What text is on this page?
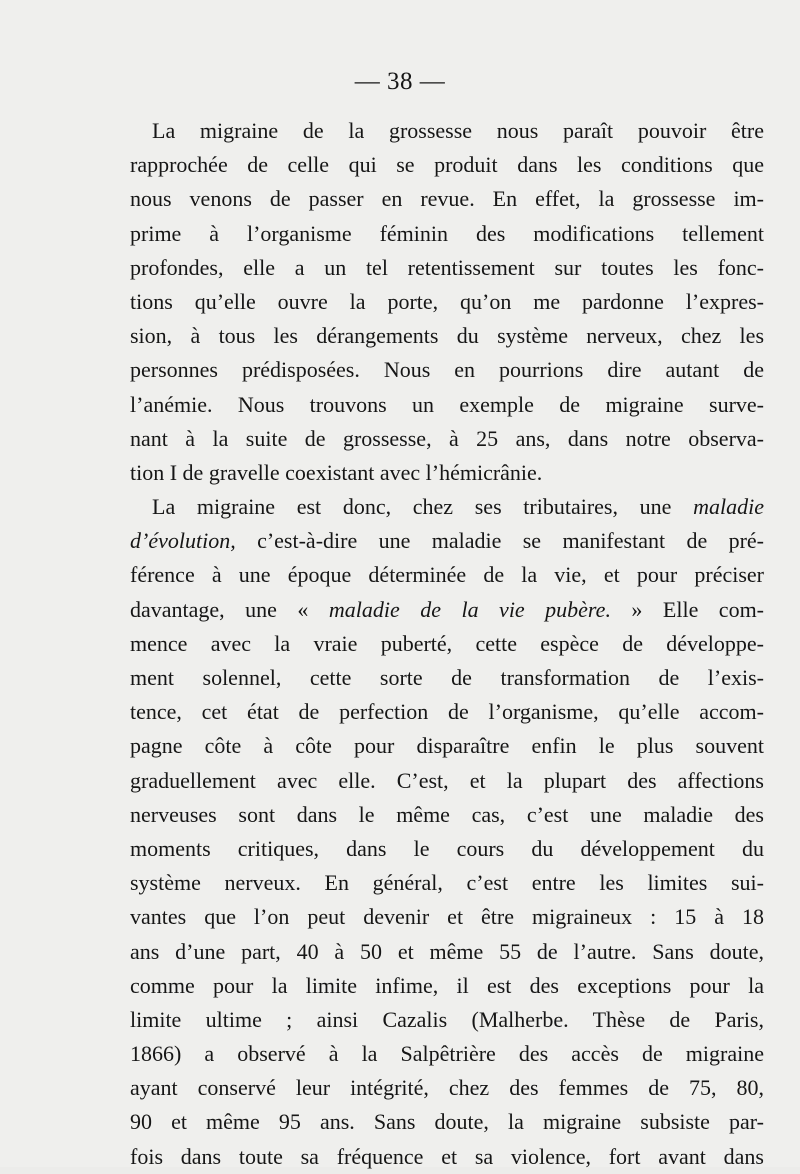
— 38 —
La migraine de la grossesse nous paraît pouvoir être
rapprochée de celle qui se produit dans les conditions que
nous venons de passer en revue. En effet, la grossesse im-
prime à l’organisme féminin des modifications tellement
profondes, elle a un tel retentissement sur toutes les fonc-
tions qu’elle ouvre la porte, qu’on me pardonne l’expres-
sion, à tous les dérangements du système nerveux, chez les
personnes prédisposées. Nous en pourrions dire autant de
l’anémie. Nous trouvons un exemple de migraine surve-
nant à la suite de grossesse, à 25 ans, dans notre observa-
tion I de gravelle coexistant avec l’hémicrânie.
La migraine est donc, chez ses tributaires, une maladie
d’évolution, c’est-à-dire une maladie se manifestant de pré-
férence à une époque déterminée de la vie, et pour préciser
davantage, une « maladie de la vie pubère. » Elle com-
mence avec la vraie puberté, cette espèce de développe-
ment solennel, cette sorte de transformation de l’exis-
tence, cet état de perfection de l’organisme, qu’elle accom-
pagne côte à côte pour disparaître enfin le plus souvent
graduellement avec elle. C’est, et la plupart des affections
nerveuses sont dans le même cas, c’est une maladie des
moments critiques, dans le cours du développement du
système nerveux. En général, c’est entre les limites sui-
vantes que l’on peut devenir et être migraineux : 15 à 18
ans d’une part, 40 à 50 et même 55 de l’autre. Sans doute,
comme pour la limite infime, il est des exceptions pour la
limite ultime ; ainsi Cazalis (Malherbe. Thèse de Paris,
1866) a observé à la Salpêtrière des accès de migraine
ayant conservé leur intégrité, chez des femmes de 75, 80,
90 et même 95 ans. Sans doute, la migraine subsiste par-
fois dans toute sa fréquence et sa violence, fort avant dans
